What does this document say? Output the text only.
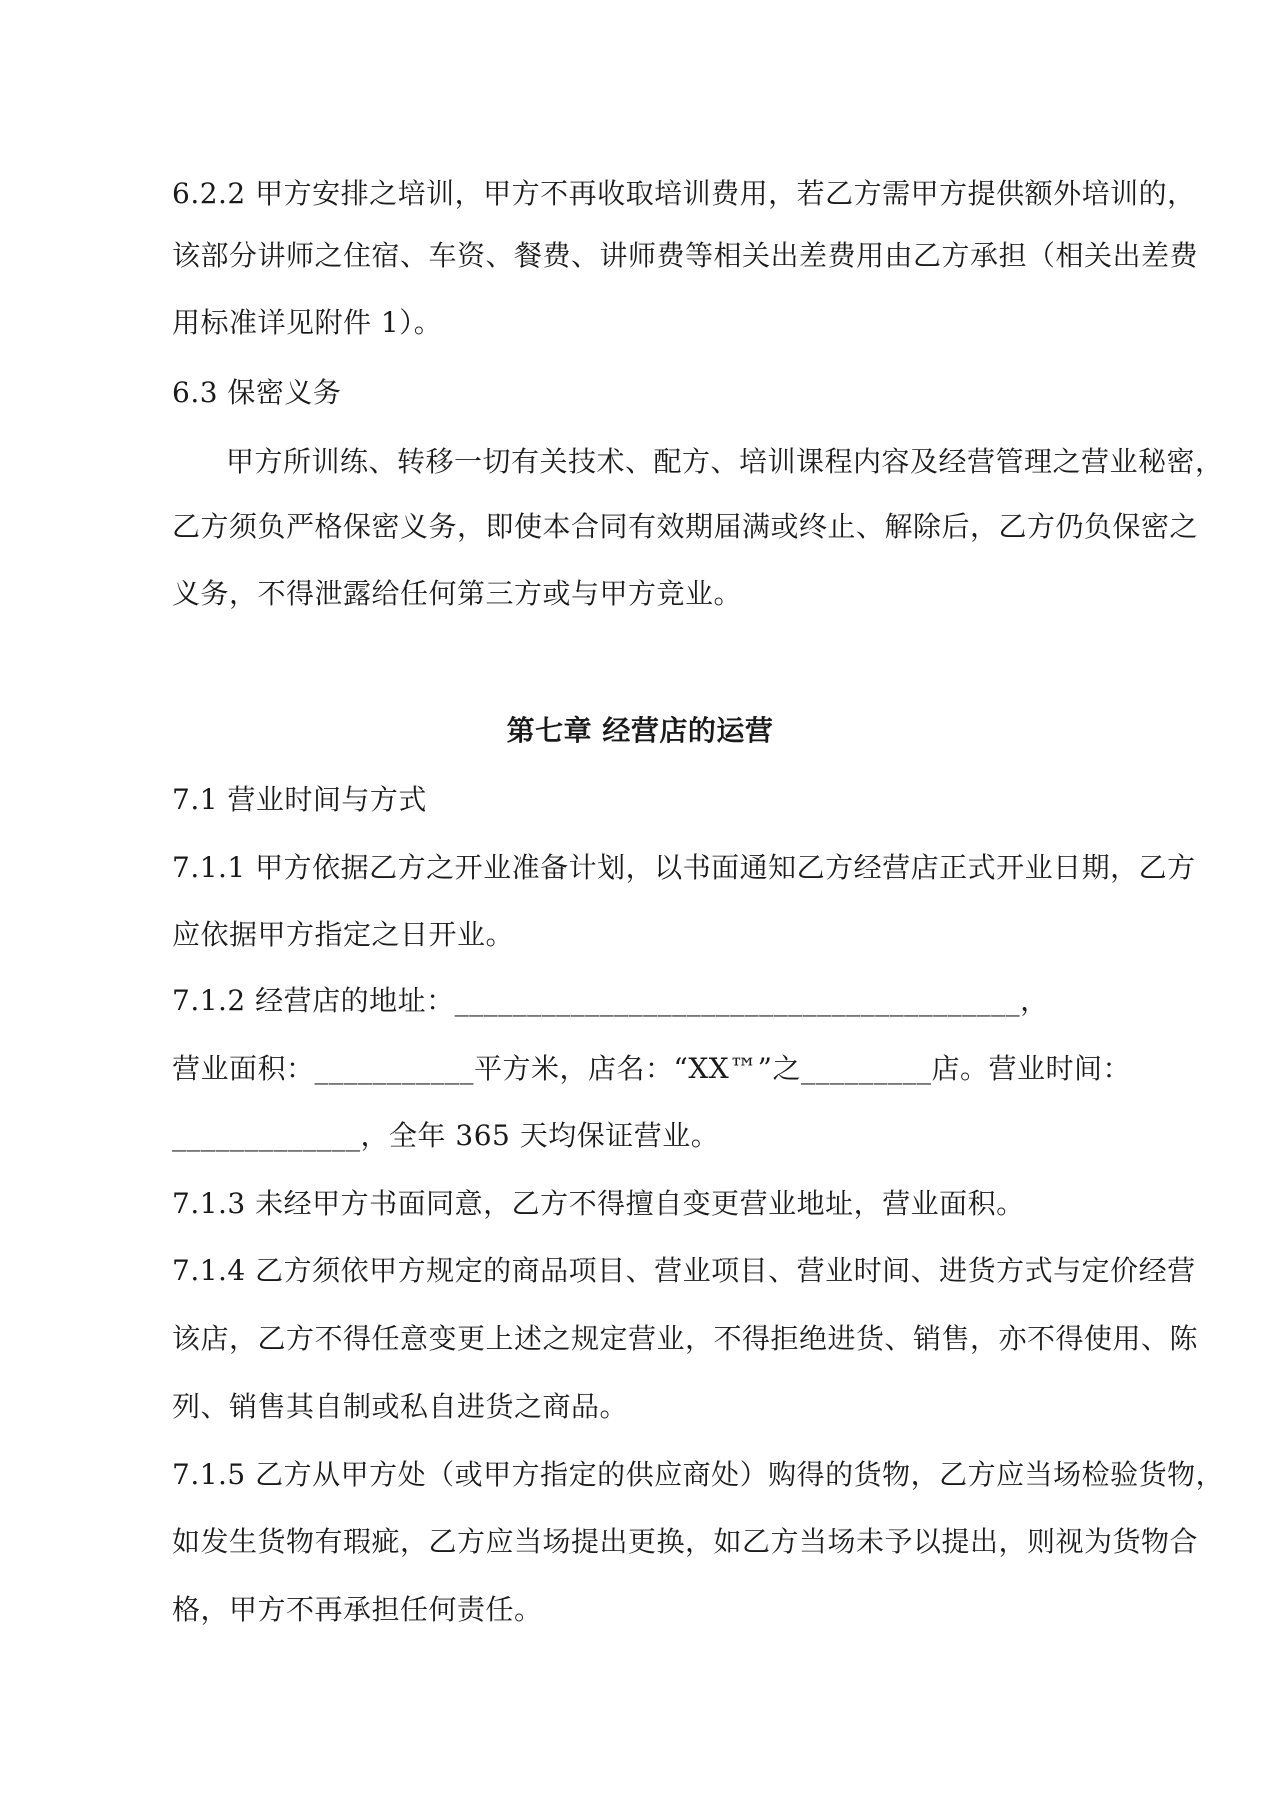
6.2.2 甲方安排之培训，甲方不再收取培训费用，若乙方需甲方提供额外培训的，
该部分讲师之住宿、车资、餐费、讲师费等相关出差费用由乙方承担（相关出差费
用标准详见附件 1）。
6.3 保密义务
甲方所训练、转移一切有关技术、配方、培训课程内容及经营管理之营业秘密，
乙方须负严格保密义务，即使本合同有效期届满或终止、解除后，乙方仍负保密之
义务，不得泄露给任何第三方或与甲方竞业。
第七章 经营店的运营
7.1 营业时间与方式
7.1.1 甲方依据乙方之开业准备计划，以书面通知乙方经营店正式开业日期，乙方
应依据甲方指定之日开业。
7.1.2 经营店的地址：_______________________________________，
营业面积：___________平方米，店名：“XX™”之_________店。营业时间：
_____________，全年 365 天均保证营业。
7.1.3 未经甲方书面同意，乙方不得擅自变更营业地址，营业面积。
7.1.4 乙方须依甲方规定的商品项目、营业项目、营业时间、进货方式与定价经营
该店，乙方不得任意变更上述之规定营业，不得拒绝进货、销售，亦不得使用、陈
列、销售其自制或私自进货之商品。
7.1.5 乙方从甲方处（或甲方指定的供应商处）购得的货物，乙方应当场检验货物，
如发生货物有瑕疵，乙方应当场提出更换，如乙方当场未予以提出，则视为货物合
格，甲方不再承担任何责任。
